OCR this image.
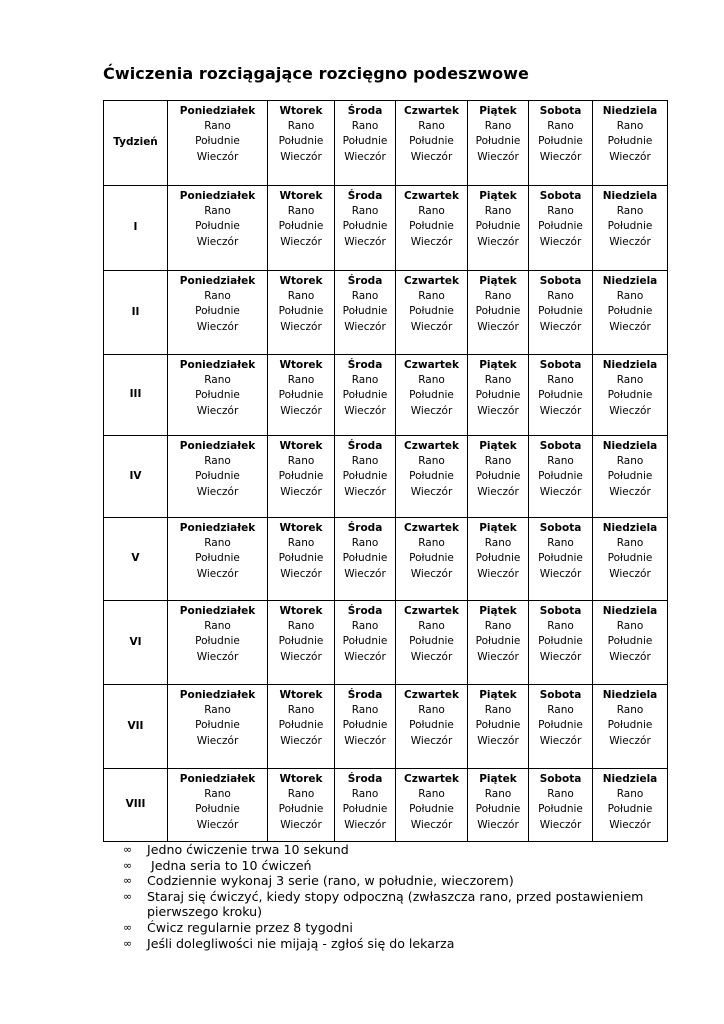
Ćwiczenia rozciągające rozcięgno podeszwowe
Tydzień	Poniedziałek
Rano
Południe
Wieczór	Wtorek
Rano
Południe
Wieczór	Środa
Rano
Południe
Wieczór	Czwartek
Rano
Południe
Wieczór	Piątek
Rano
Południe
Wieczór	Sobota
Rano
Południe
Wieczór	Niedziela
Rano
Południe
Wieczór

I	Poniedziałek
Rano
Południe
Wieczór	Wtorek
Rano
Południe
Wieczór	Środa
Rano
Południe
Wieczór	Czwartek
Rano
Południe
Wieczór	Piątek
Rano
Południe
Wieczór	Sobota
Rano
Południe
Wieczór	Niedziela
Rano
Południe
Wieczór

II	Poniedziałek
Rano
Południe
Wieczór	Wtorek
Rano
Południe
Wieczór	Środa
Rano
Południe
Wieczór	Czwartek
Rano
Południe
Wieczór	Piątek
Rano
Południe
Wieczór	Sobota
Rano
Południe
Wieczór	Niedziela
Rano
Południe
Wieczór

III	Poniedziałek
Rano
Południe
Wieczór	Wtorek
Rano
Południe
Wieczór	Środa
Rano
Południe
Wieczór	Czwartek
Rano
Południe
Wieczór	Piątek
Rano
Południe
Wieczór	Sobota
Rano
Południe
Wieczór	Niedziela
Rano
Południe
Wieczór

IV	Poniedziałek
Rano
Południe
Wieczór	Wtorek
Rano
Południe
Wieczór	Środa
Rano
Południe
Wieczór	Czwartek
Rano
Południe
Wieczór	Piątek
Rano
Południe
Wieczór	Sobota
Rano
Południe
Wieczór	Niedziela
Rano
Południe
Wieczór

V	Poniedziałek
Rano
Południe
Wieczór	Wtorek
Rano
Południe
Wieczór	Środa
Rano
Południe
Wieczór	Czwartek
Rano
Południe
Wieczór	Piątek
Rano
Południe
Wieczór	Sobota
Rano
Południe
Wieczór	Niedziela
Rano
Południe
Wieczór

VI	Poniedziałek
Rano
Południe
Wieczór	Wtorek
Rano
Południe
Wieczór	Środa
Rano
Południe
Wieczór	Czwartek
Rano
Południe
Wieczór	Piątek
Rano
Południe
Wieczór	Sobota
Rano
Południe
Wieczór	Niedziela
Rano
Południe
Wieczór

VII	Poniedziałek
Rano
Południe
Wieczór	Wtorek
Rano
Południe
Wieczór	Środa
Rano
Południe
Wieczór	Czwartek
Rano
Południe
Wieczór	Piątek
Rano
Południe
Wieczór	Sobota
Rano
Południe
Wieczór	Niedziela
Rano
Południe
Wieczór

VIII	Poniedziałek
Rano
Południe
Wieczór	Wtorek
Rano
Południe
Wieczór	Środa
Rano
Południe
Wieczór	Czwartek
Rano
Południe
Wieczór	Piątek
Rano
Południe
Wieczór	Sobota
Rano
Południe
Wieczór	Niedziela
Rano
Południe
Wieczór
∞ Jedno ćwiczenie trwa 10 sekund
∞ Jedna seria to 10 ćwiczeń
∞ Codziennie wykonaj 3 serie (rano, w południe, wieczorem)
∞ Staraj się ćwiczyć, kiedy stopy odpoczną (zwłaszcza rano, przed postawieniem pierwszego kroku)
∞ Ćwicz regularnie przez 8 tygodni
∞ Jeśli dolegliwości nie mijają - zgłoś się do lekarza
